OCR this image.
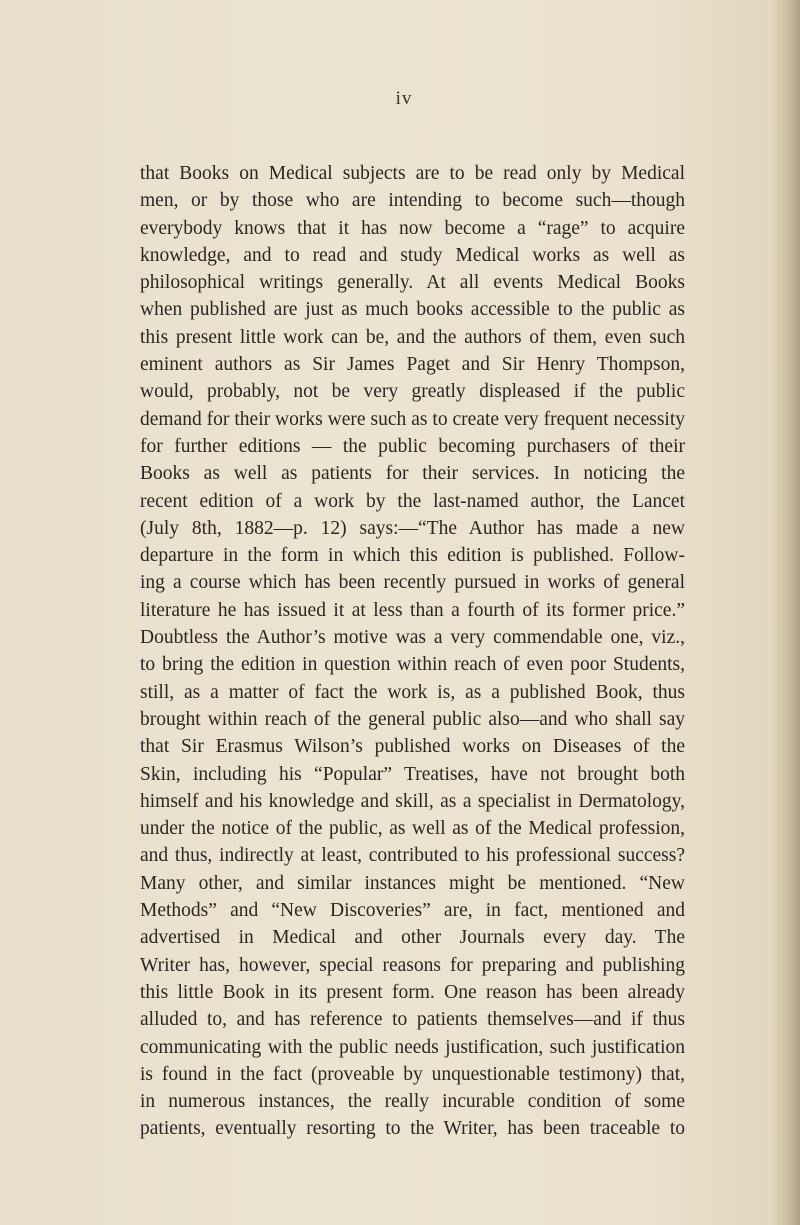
iv
that Books on Medical subjects are to be read only by Medical
men, or by those who are intending to become such—though
everybody knows that it has now become a “rage” to acquire
knowledge, and to read and study Medical works as well as
philosophical writings generally. At all events Medical Books
when published are just as much books accessible to the public as
this present little work can be, and the authors of them, even such
eminent authors as Sir James Paget and Sir Henry Thompson,
would, probably, not be very greatly displeased if the public
demand for their works were such as to create very frequent necessity
for further editions — the public becoming purchasers of their
Books as well as patients for their services. In noticing the
recent edition of a work by the last-named author, the Lancet
(July 8th, 1882—p. 12) says:—“The Author has made a new
departure in the form in which this edition is published. Follow-
ing a course which has been recently pursued in works of general
literature he has issued it at less than a fourth of its former price.”
Doubtless the Author’s motive was a very commendable one, viz.,
to bring the edition in question within reach of even poor Students,
still, as a matter of fact the work is, as a published Book, thus
brought within reach of the general public also—and who shall say
that Sir Erasmus Wilson’s published works on Diseases of the
Skin, including his “Popular” Treatises, have not brought both
himself and his knowledge and skill, as a specialist in Dermatology,
under the notice of the public, as well as of the Medical profession,
and thus, indirectly at least, contributed to his professional success?
Many other, and similar instances might be mentioned. “New
Methods” and “New Discoveries” are, in fact, mentioned and
advertised in Medical and other Journals every day. The
Writer has, however, special reasons for preparing and publishing
this little Book in its present form. One reason has been already
alluded to, and has reference to patients themselves—and if thus
communicating with the public needs justification, such justification
is found in the fact (proveable by unquestionable testimony) that,
in numerous instances, the really incurable condition of some
patients, eventually resorting to the Writer, has been traceable to
